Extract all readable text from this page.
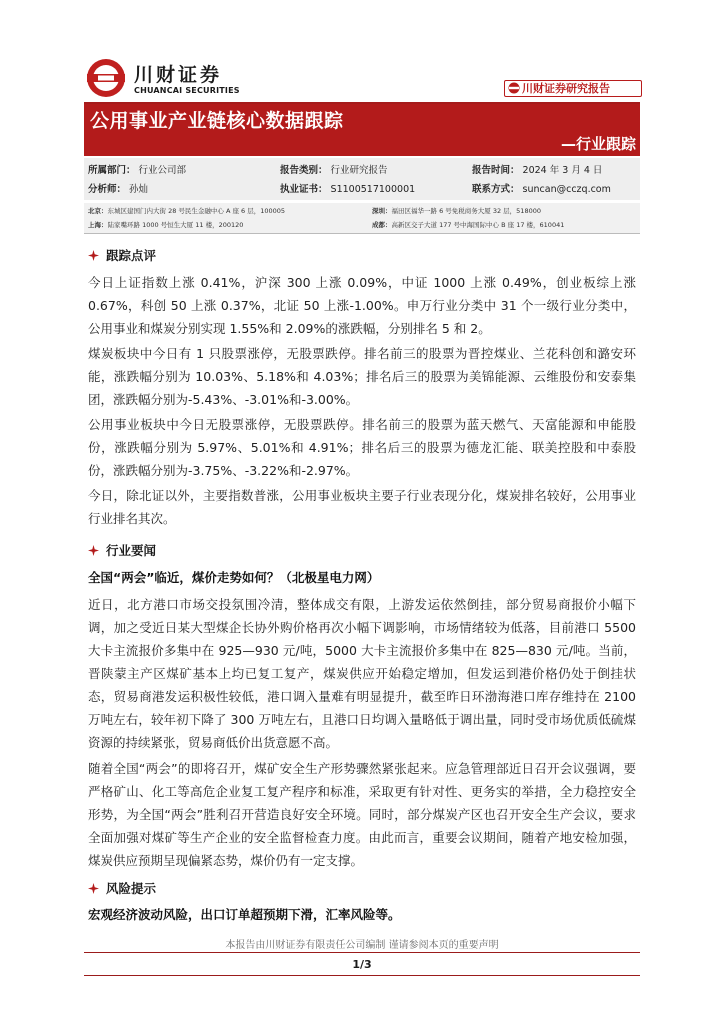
川财证券
CHUANCAI SECURITIES	川财证券研究报告
公用事业产业链核心数据跟踪
—行业跟踪
所属部门： 行业公司部	报告类别： 行业研究报告	报告时间： 2024 年 3 月 4 日
分析师： 孙灿	执业证书： S1100517100001	联系方式： suncan@cczq.com
北京：东城区建国门内大街 28 号民生金融中心 A 座 6 层，100005	深圳：福田区福华一路 6 号免税商务大厦 32 层，518000
上海：陆家嘴环路 1000 号恒生大厦 11 楼，200120	成都：高新区交子大道 177 号中海国际中心 B 座 17 楼，610041
跟踪点评
今日上证指数上涨 0.41%，沪深 300 上涨 0.09%，中证 1000 上涨 0.49%，创业板综上涨 0.67%，科创 50 上涨 0.37%，北证 50 上涨-1.00%。申万行业分类中 31 个一级行业分类中，公用事业和煤炭分别实现 1.55%和 2.09%的涨跌幅，分别排名 5 和 2。
煤炭板块中今日有 1 只股票涨停，无股票跌停。排名前三的股票为晋控煤业、兰花科创和潞安环能，涨跌幅分别为 10.03%、5.18%和 4.03%；排名后三的股票为美锦能源、云维股份和安泰集团，涨跌幅分别为-5.43%、-3.01%和-3.00%。
公用事业板块中今日无股票涨停，无股票跌停。排名前三的股票为蓝天燃气、天富能源和申能股份，涨跌幅分别为 5.97%、5.01%和 4.91%；排名后三的股票为德龙汇能、联美控股和中泰股份，涨跌幅分别为-3.75%、-3.22%和-2.97%。
今日，除北证以外，主要指数普涨，公用事业板块主要子行业表现分化，煤炭排名较好，公用事业行业排名其次。
行业要闻
全国“两会”临近，煤价走势如何？（北极星电力网）
近日，北方港口市场交投氛围冷清，整体成交有限，上游发运依然倒挂，部分贸易商报价小幅下调，加之受近日某大型煤企长协外购价格再次小幅下调影响，市场情绪较为低落，目前港口 5500 大卡主流报价多集中在 925—930 元/吨，5000 大卡主流报价多集中在 825—830 元/吨。当前，晋陕蒙主产区煤矿基本上均已复工复产，煤炭供应开始稳定增加，但发运到港价格仍处于倒挂状态，贸易商港发运积极性较低，港口调入量难有明显提升，截至昨日环渤海港口库存维持在 2100 万吨左右，较年初下降了 300 万吨左右，且港口日均调入量略低于调出量，同时受市场优质低硫煤资源的持续紧张，贸易商低价出货意愿不高。
随着全国“两会”的即将召开，煤矿安全生产形势骤然紧张起来。应急管理部近日召开会议强调，要严格矿山、化工等高危企业复工复产程序和标准，采取更有针对性、更务实的举措，全力稳控安全形势，为全国“两会”胜利召开营造良好安全环境。同时，部分煤炭产区也召开安全生产会议，要求全面加强对煤矿等生产企业的安全监督检查力度。由此而言，重要会议期间，随着产地安检加强，煤炭供应预期呈现偏紧态势，煤价仍有一定支撑。
风险提示
宏观经济波动风险，出口订单超预期下滑，汇率风险等。
本报告由川财证券有限责任公司编制 谨请参阅本页的重要声明
1/3
